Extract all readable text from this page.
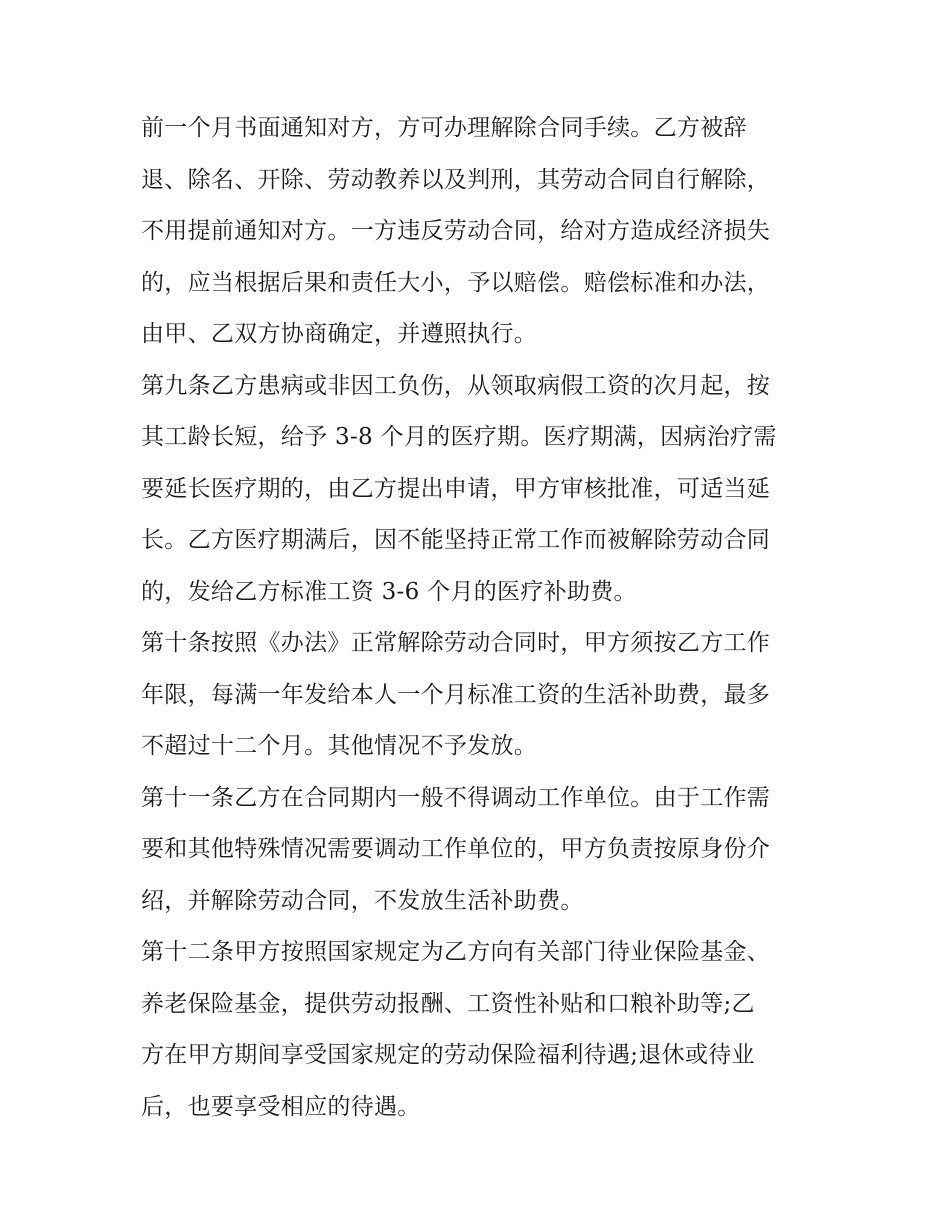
前一个月书面通知对方，方可办理解除合同手续。乙方被辞
退、除名、开除、劳动教养以及判刑，其劳动合同自行解除，
不用提前通知对方。一方违反劳动合同，给对方造成经济损失
的，应当根据后果和责任大小，予以赔偿。赔偿标准和办法，
由甲、乙双方协商确定，并遵照执行。
第九条乙方患病或非因工负伤，从领取病假工资的次月起，按
其工龄长短，给予 3-8 个月的医疗期。医疗期满，因病治疗需
要延长医疗期的，由乙方提出申请，甲方审核批准，可适当延
长。乙方医疗期满后，因不能坚持正常工作而被解除劳动合同
的，发给乙方标准工资 3-6 个月的医疗补助费。
第十条按照《办法》正常解除劳动合同时，甲方须按乙方工作
年限，每满一年发给本人一个月标准工资的生活补助费，最多
不超过十二个月。其他情况不予发放。
第十一条乙方在合同期内一般不得调动工作单位。由于工作需
要和其他特殊情况需要调动工作单位的，甲方负责按原身份介
绍，并解除劳动合同，不发放生活补助费。
第十二条甲方按照国家规定为乙方向有关部门待业保险基金、
养老保险基金，提供劳动报酬、工资性补贴和口粮补助等;乙
方在甲方期间享受国家规定的劳动保险福利待遇;退休或待业
后，也要享受相应的待遇。
